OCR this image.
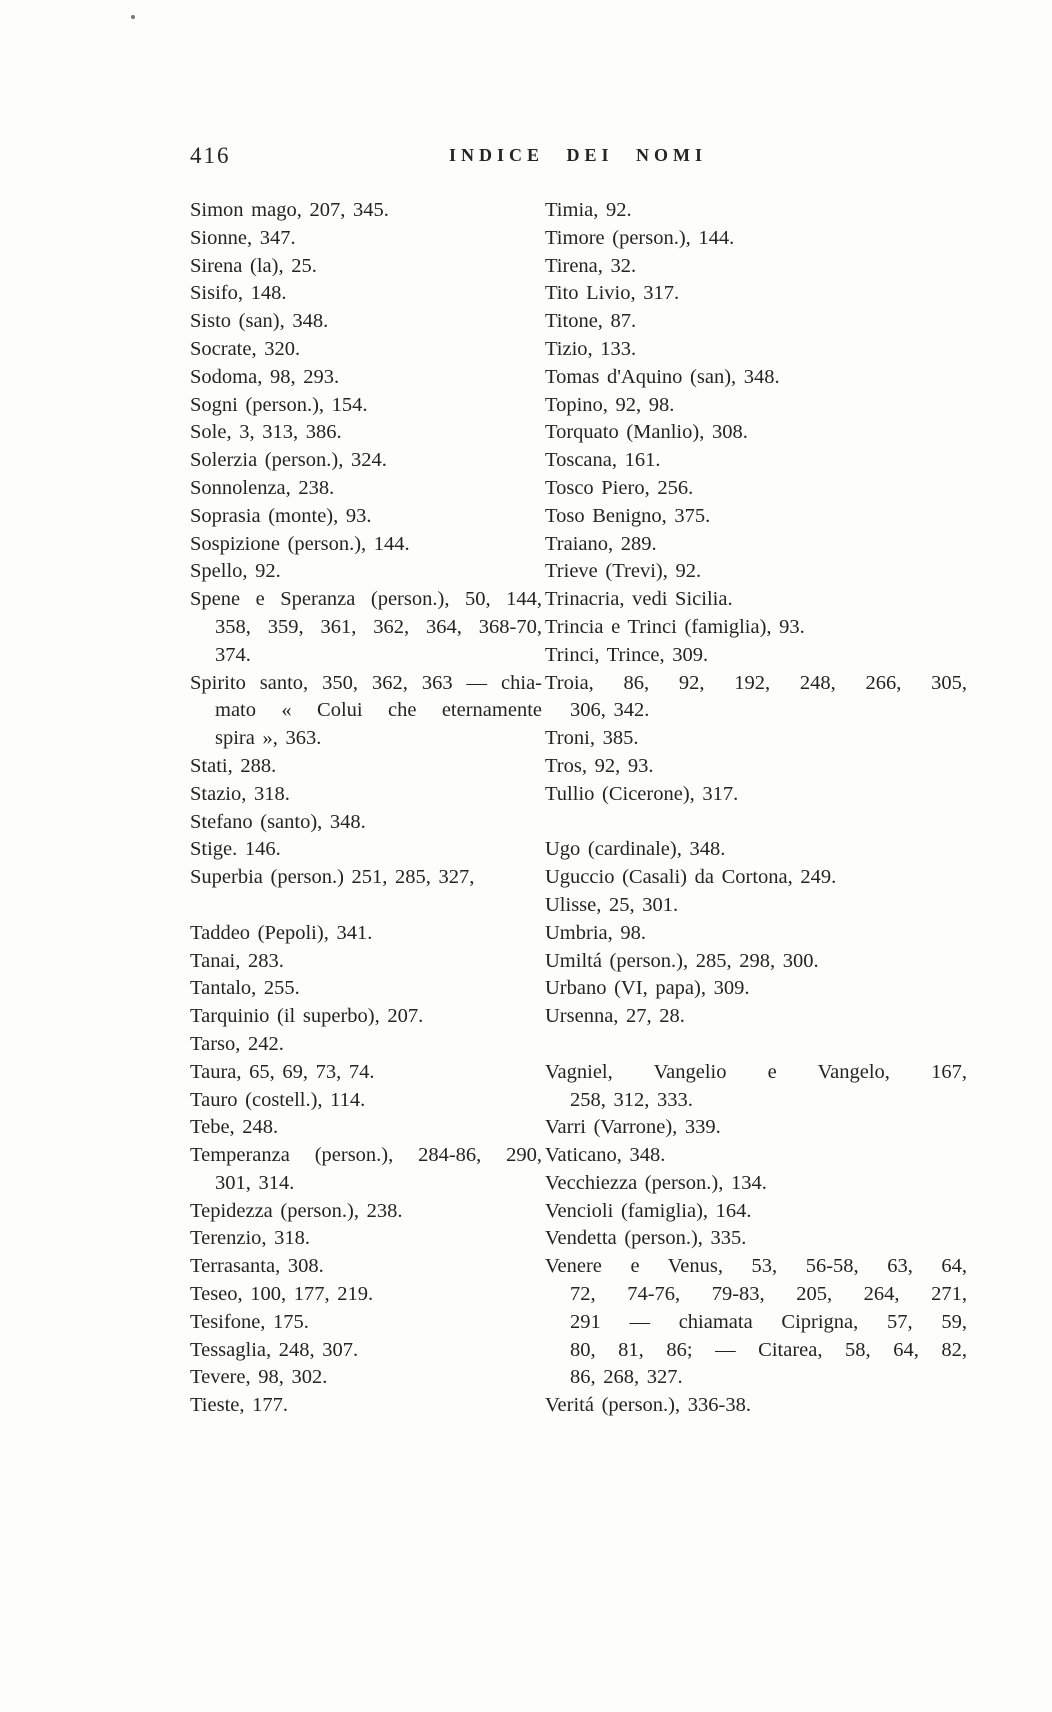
416	INDICE DEI NOMI
Simon mago, 207, 345.
Sionne, 347.
Sirena (la), 25.
Sisifo, 148.
Sisto (san), 348.
Socrate, 320.
Sodoma, 98, 293.
Sogni (person.), 154.
Sole, 3, 313, 386.
Solerzia (person.), 324.
Sonnolenza, 238.
Soprasia (monte), 93.
Sospizione (person.), 144.
Spello, 92.
Spene e Speranza (person.), 50, 144,
358, 359, 361, 362, 364, 368-70,
374.
Spirito santo, 350, 362, 363 — chia-
mato « Colui che eternamente
spira », 363.
Stati, 288.
Stazio, 318.
Stefano (santo), 348.
Stige. 146.
Superbia (person.) 251, 285, 327,
Taddeo (Pepoli), 341.
Tanai, 283.
Tantalo, 255.
Tarquinio (il superbo), 207.
Tarso, 242.
Taura, 65, 69, 73, 74.
Tauro (costell.), 114.
Tebe, 248.
Temperanza (person.), 284-86, 290,
301, 314.
Tepidezza (person.), 238.
Terenzio, 318.
Terrasanta, 308.
Teseo, 100, 177, 219.
Tesifone, 175.
Tessaglia, 248, 307.
Tevere, 98, 302.
Tieste, 177.
Timia, 92.
Timore (person.), 144.
Tirena, 32.
Tito Livio, 317.
Titone, 87.
Tizio, 133.
Tomas d'Aquino (san), 348.
Topino, 92, 98.
Torquato (Manlio), 308.
Toscana, 161.
Tosco Piero, 256.
Toso Benigno, 375.
Traiano, 289.
Trieve (Trevi), 92.
Trinacria, vedi Sicilia.
Trincia e Trinci (famiglia), 93.
Trinci, Trince, 309.
Troia, 86, 92, 192, 248, 266, 305,
306, 342.
Troni, 385.
Tros, 92, 93.
Tullio (Cicerone), 317.
Ugo (cardinale), 348.
Uguccio (Casali) da Cortona, 249.
Ulisse, 25, 301.
Umbria, 98.
Umiltá (person.), 285, 298, 300.
Urbano (VI, papa), 309.
Ursenna, 27, 28.
Vagniel, Vangelio e Vangelo, 167,
258, 312, 333.
Varri (Varrone), 339.
Vaticano, 348.
Vecchiezza (person.), 134.
Vencioli (famiglia), 164.
Vendetta (person.), 335.
Venere e Venus, 53, 56-58, 63, 64,
72, 74-76, 79-83, 205, 264, 271,
291 — chiamata Ciprigna, 57, 59,
80, 81, 86; — Citarea, 58, 64, 82,
86, 268, 327.
Veritá (person.), 336-38.
